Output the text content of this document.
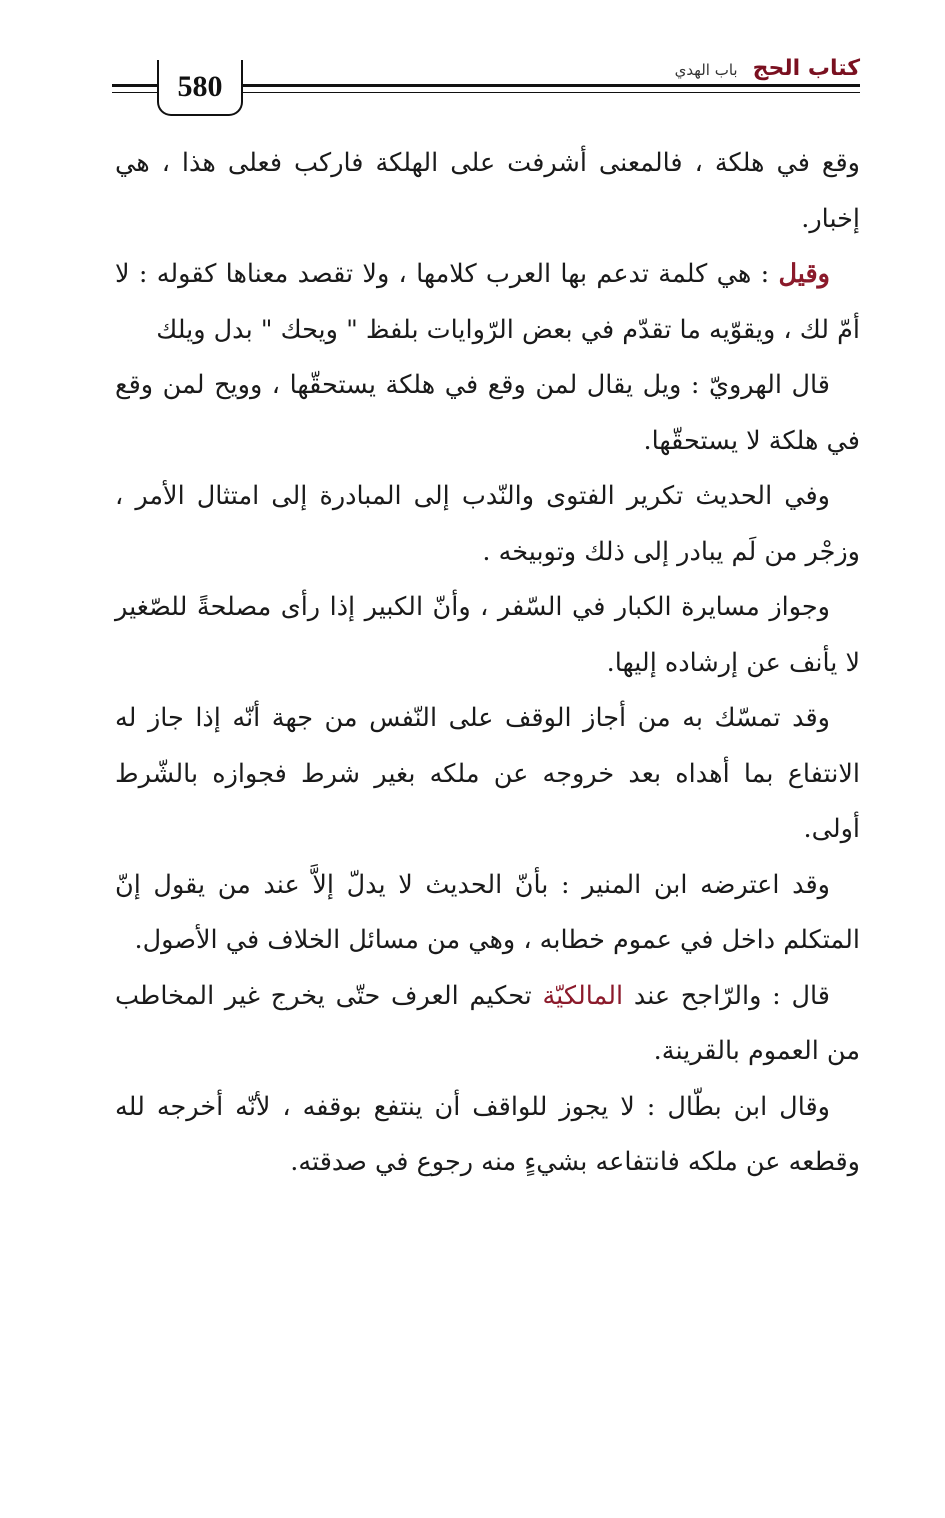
كتاب الحج باب الهدي
580

وقع في هلكة ، فالمعنى أشرفت على الهلكة فاركب فعلى هذا ، هي إخبار.

وقيل : هي كلمة تدعم بها العرب كلامها ، ولا تقصد معناها كقوله : لا أمّ لك ، ويقوّيه ما تقدّم في بعض الرّوايات بلفظ " ويحك " بدل ويلك

قال الهرويّ : ويل يقال لمن وقع في هلكة يستحقّها ، وويح لمن وقع في هلكة لا يستحقّها.

وفي الحديث تكرير الفتوى والنّدب إلى المبادرة إلى امتثال الأمر ، وزجْر من لَم يبادر إلى ذلك وتوبيخه .

وجواز مسايرة الكبار في السّفر ، وأنّ الكبير إذا رأى مصلحةً للصّغير لا يأنف عن إرشاده إليها.

وقد تمسّك به من أجاز الوقف على النّفس من جهة أنّه إذا جاز له الانتفاع بما أهداه بعد خروجه عن ملكه بغير شرط فجوازه بالشّرط أولى.

وقد اعترضه ابن المنير : بأنّ الحديث لا يدلّ إلاَّ عند من يقول إنّ المتكلم داخل في عموم خطابه ، وهي من مسائل الخلاف في الأصول.

قال : والرّاجح عند المالكيّة تحكيم العرف حتّى يخرج غير المخاطب من العموم بالقرينة.

وقال ابن بطّال : لا يجوز للواقف أن ينتفع بوقفه ، لأنّه أخرجه لله وقطعه عن ملكه فانتفاعه بشيءٍ منه رجوع في صدقته.
